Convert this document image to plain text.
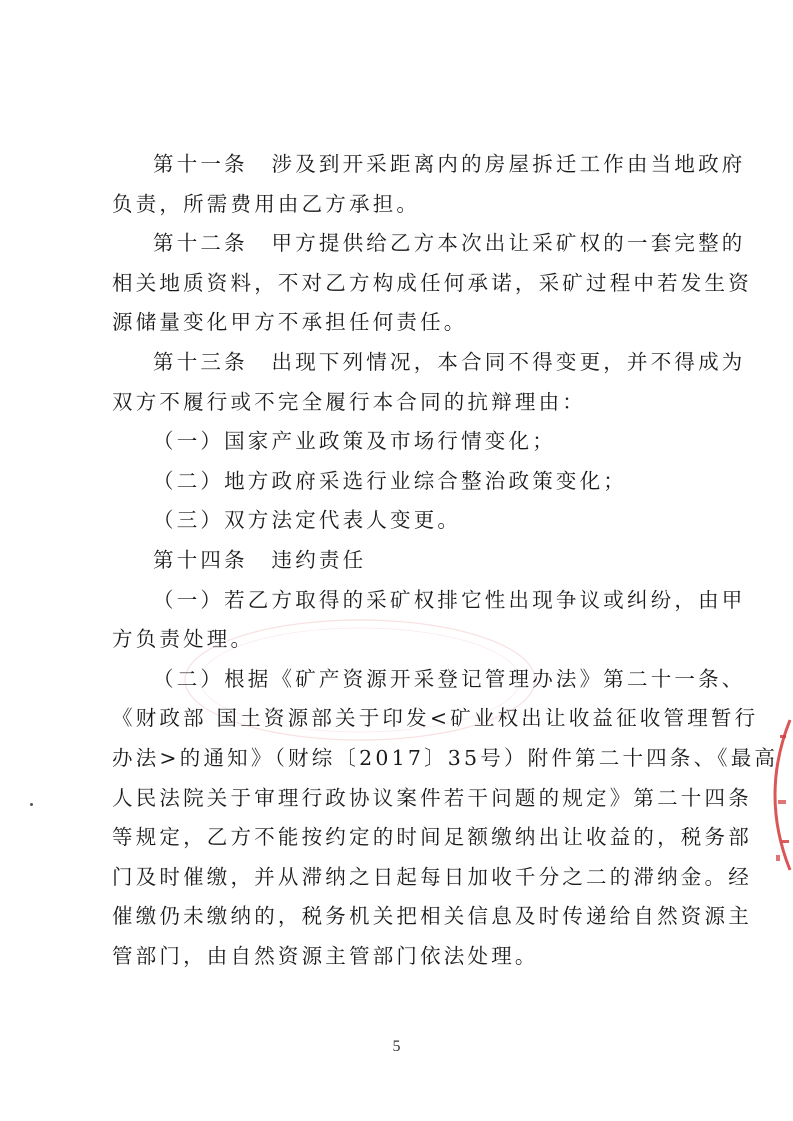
第十一条　涉及到开采距离内的房屋拆迁工作由当地政府
负责，所需费用由乙方承担。
第十二条　甲方提供给乙方本次出让采矿权的一套完整的
相关地质资料，不对乙方构成任何承诺，采矿过程中若发生资
源储量变化甲方不承担任何责任。
第十三条　出现下列情况，本合同不得变更，并不得成为
双方不履行或不完全履行本合同的抗辩理由：
（一）国家产业政策及市场行情变化；
（二）地方政府采选行业综合整治政策变化；
（三）双方法定代表人变更。
第十四条　违约责任
（一）若乙方取得的采矿权排它性出现争议或纠纷，由甲
方负责处理。
（二）根据《矿产资源开采登记管理办法》第二十一条、
《财政部 国土资源部关于印发<矿业权出让收益征收管理暂行
办法>的通知》（财综〔2017〕35号）附件第二十四条、《最高
人民法院关于审理行政协议案件若干问题的规定》第二十四条
等规定，乙方不能按约定的时间足额缴纳出让收益的，税务部
门及时催缴，并从滞纳之日起每日加收千分之二的滞纳金。经
催缴仍未缴纳的，税务机关把相关信息及时传递给自然资源主
管部门，由自然资源主管部门依法处理。
5
